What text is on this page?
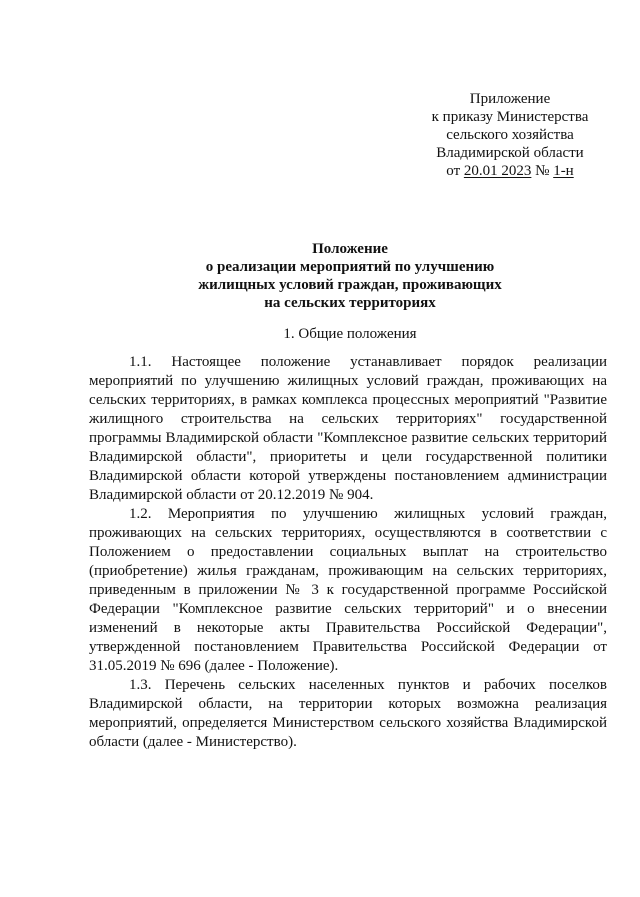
Приложение
к приказу Министерства
сельского хозяйства
Владимирской области
от 20.01 2023 № 1-н
Положение
о реализации мероприятий по улучшению
жилищных условий граждан, проживающих
на сельских территориях
1. Общие положения

1.1. Настоящее положение устанавливает порядок реализации мероприятий по улучшению жилищных условий граждан, проживающих на сельских территориях, в рамках комплекса процессных мероприятий "Развитие жилищного строительства на сельских территориях" государственной программы Владимирской области "Комплексное развитие сельских территорий Владимирской области", приоритеты и цели государственной политики Владимирской области которой утверждены постановлением администрации Владимирской области от 20.12.2019 № 904.

1.2. Мероприятия по улучшению жилищных условий граждан, проживающих на сельских территориях, осуществляются в соответствии с Положением о предоставлении социальных выплат на строительство (приобретение) жилья гражданам, проживающим на сельских территориях, приведенным в приложении № 3 к государственной программе Российской Федерации "Комплексное развитие сельских территорий" и о внесении изменений в некоторые акты Правительства Российской Федерации", утвержденной постановлением Правительства Российской Федерации от 31.05.2019 № 696 (далее - Положение).

1.3. Перечень сельских населенных пунктов и рабочих поселков Владимирской области, на территории которых возможна реализация мероприятий, определяется Министерством сельского хозяйства Владимирской области (далее - Министерство).
